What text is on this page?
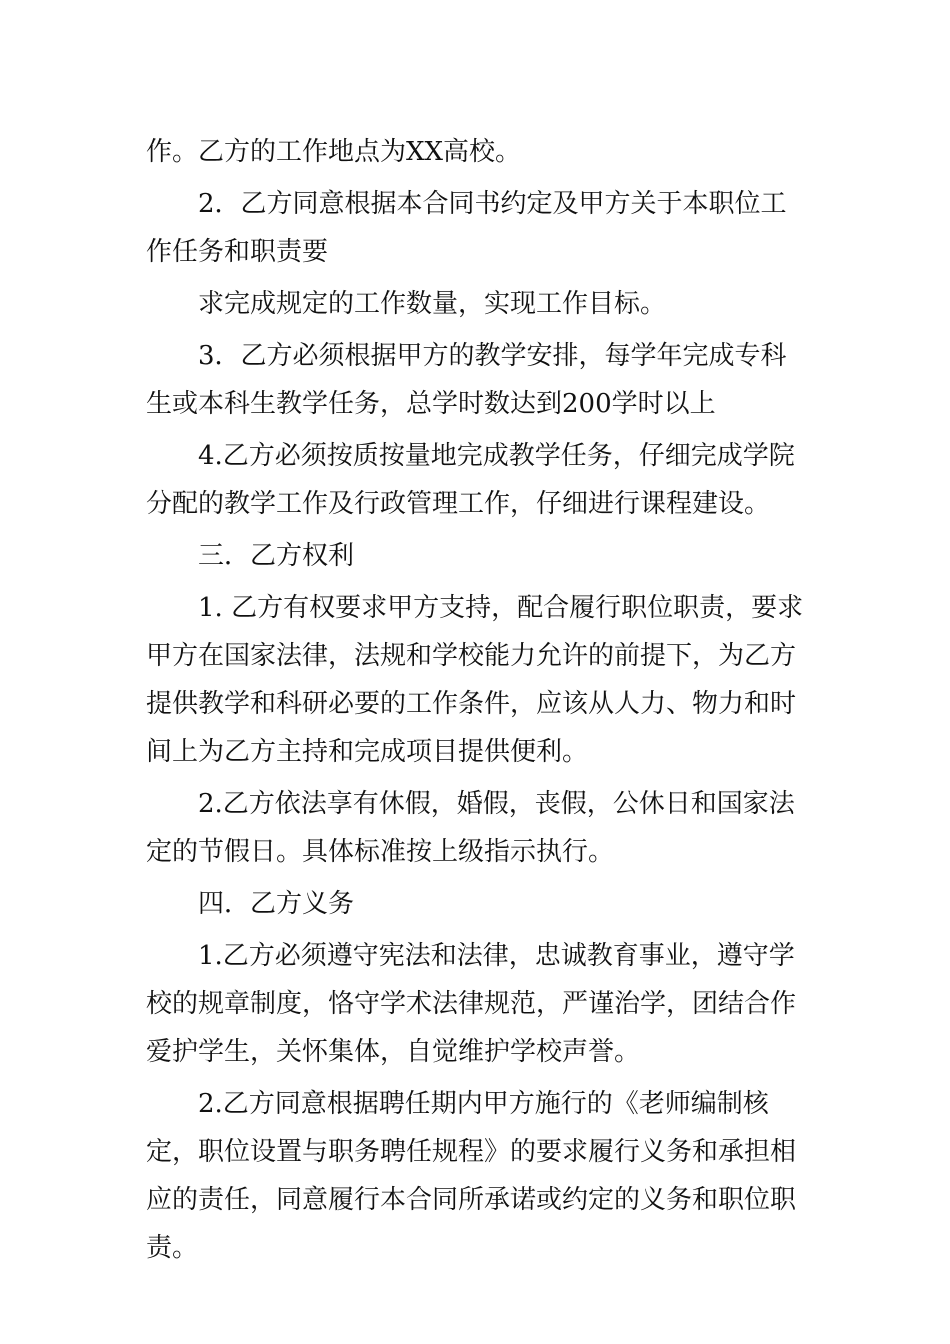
作。乙方的工作地点为XX高校。

2．乙方同意根据本合同书约定及甲方关于本职位工作任务和职责要

求完成规定的工作数量，实现工作目标。

3．乙方必须根据甲方的教学安排，每学年完成专科生或本科生教学任务，总学时数达到200学时以上

4.乙方必须按质按量地完成教学任务，仔细完成学院分配的教学工作及行政管理工作，仔细进行课程建设。

三．乙方权利

1. 乙方有权要求甲方支持，配合履行职位职责，要求甲方在国家法律，法规和学校能力允许的前提下，为乙方提供教学和科研必要的工作条件，应该从人力、物力和时间上为乙方主持和完成项目提供便利。

2.乙方依法享有休假，婚假，丧假，公休日和国家法定的节假日。具体标准按上级指示执行。

四．乙方义务

1.乙方必须遵守宪法和法律，忠诚教育事业，遵守学校的规章制度，恪守学术法律规范，严谨治学，团结合作爱护学生，关怀集体，自觉维护学校声誉。

2.乙方同意根据聘任期内甲方施行的《老师编制核定，职位设置与职务聘任规程》的要求履行义务和承担相应的责任，同意履行本合同所承诺或约定的义务和职位职责。
